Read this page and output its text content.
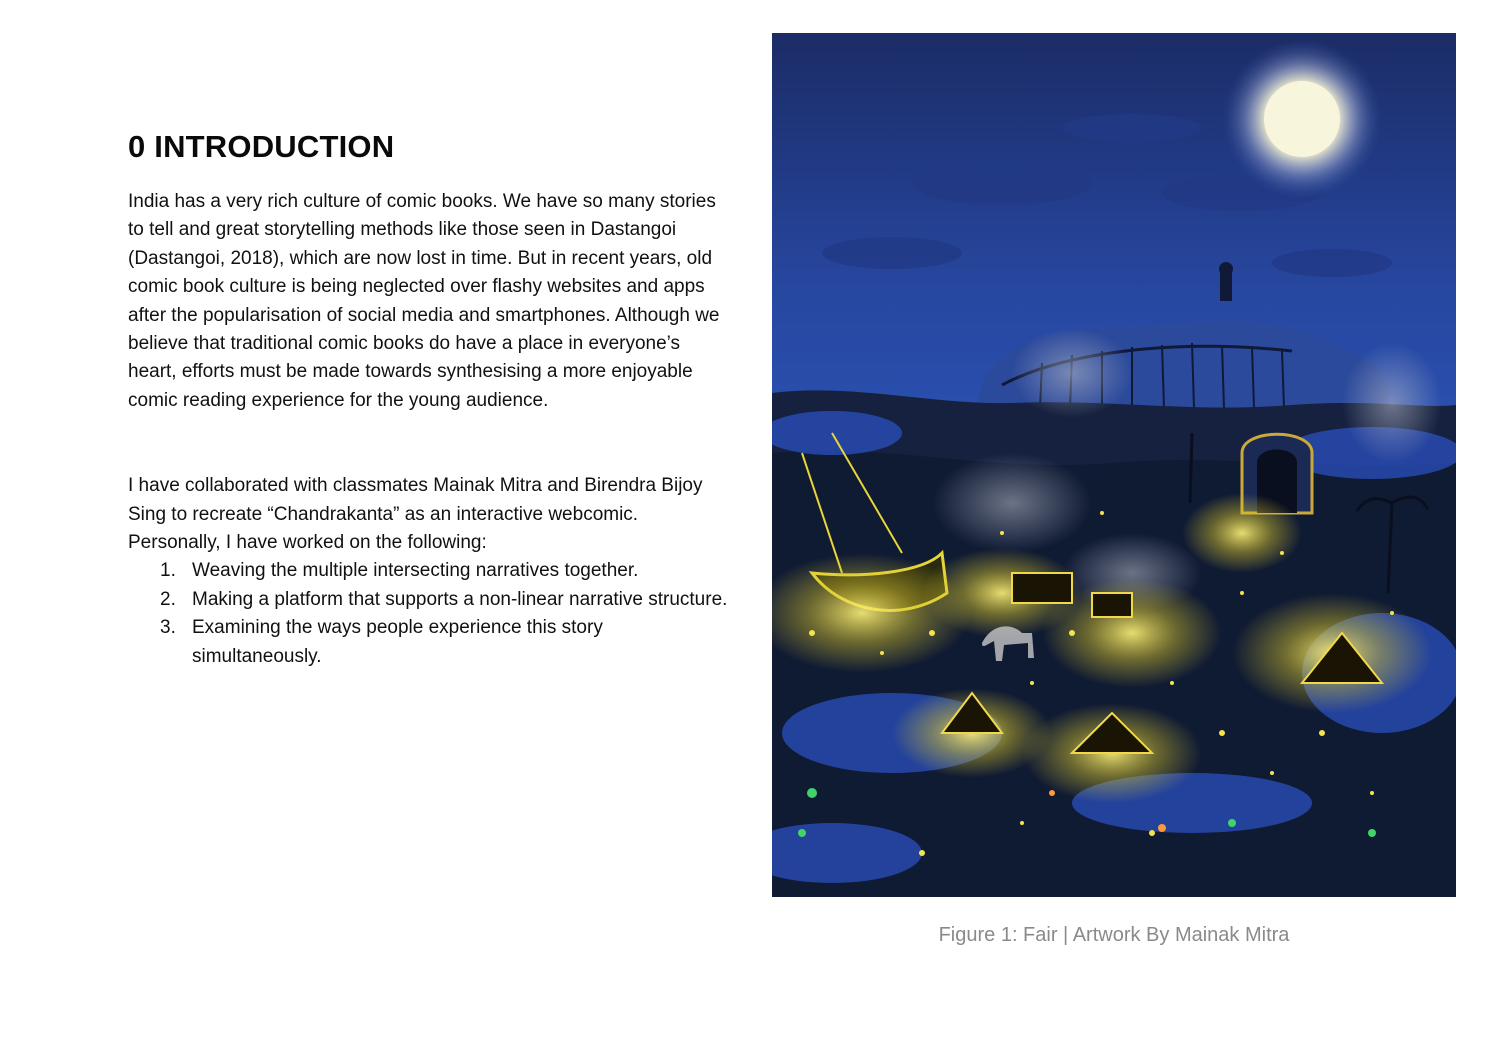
0 INTRODUCTION

India has a very rich culture of comic books. We have so many stories to tell and great storytelling methods like those seen in Dastangoi (Dastangoi, 2018), which are now lost in time. But in recent years, old comic book culture is being neglected over flashy websites and apps after the popularisation of social media and smartphones. Although we believe that traditional comic books do have a place in everyone’s heart, efforts must be made towards synthesising a more enjoyable comic reading experience for the young audience.

I have collaborated with classmates Mainak Mitra and Birendra Bijoy Sing to recreate “Chandrakanta” as an interactive webcomic. Personally, I have worked on the following:

1. Weaving the multiple intersecting narratives together.
2. Making a platform that supports a non-linear narrative structure.
3. Examining the ways people experience this story simultaneously.
Figure 1: Fair | Artwork By Mainak Mitra
